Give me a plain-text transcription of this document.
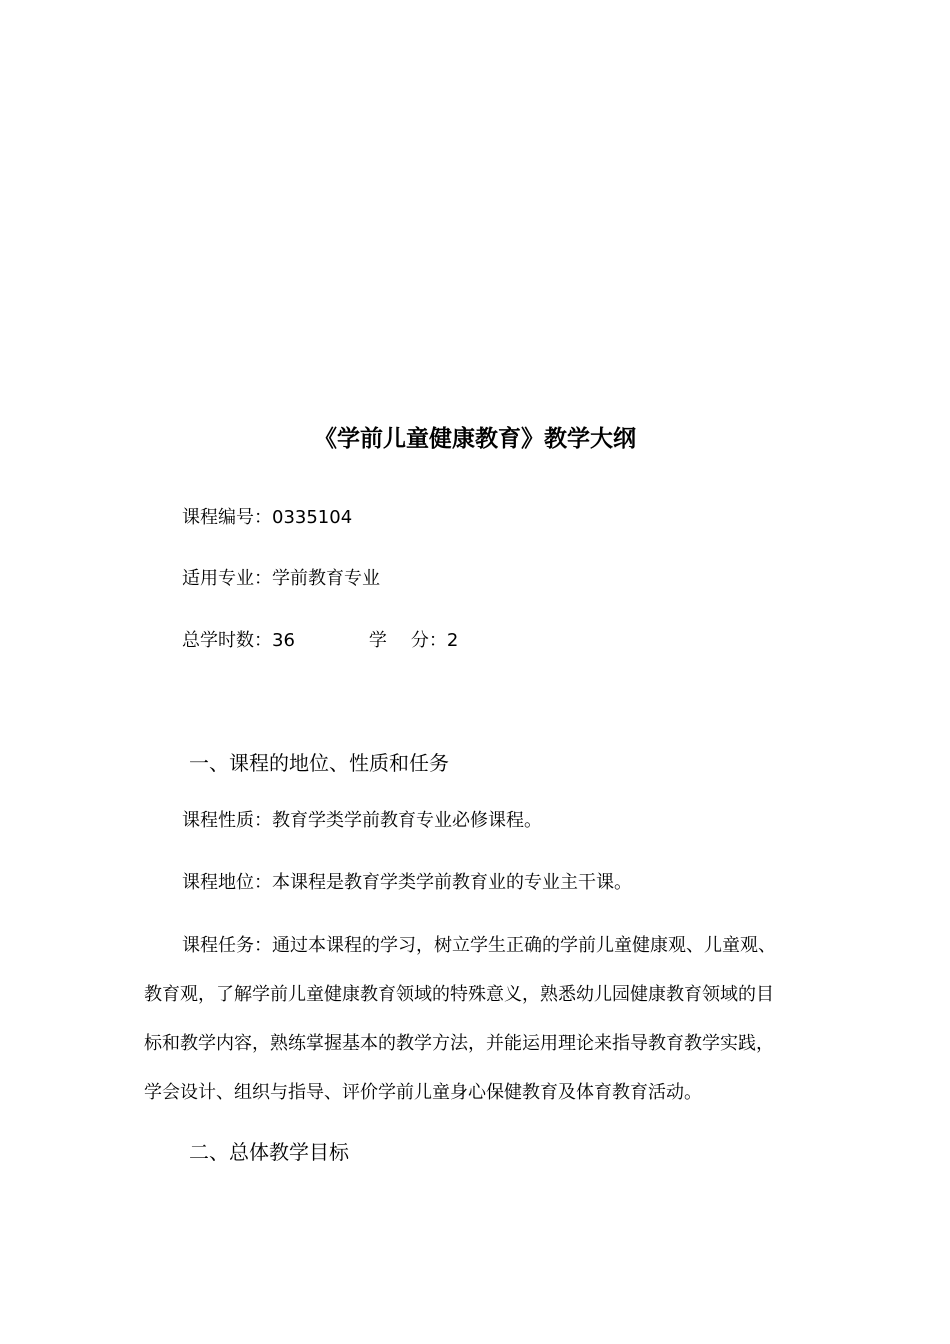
《学前儿童健康教育》教学大纲
课程编号：0335104
适用专业：学前教育专业
总学时数：36	学 分：2
一、课程的地位、性质和任务
课程性质：教育学类学前教育专业必修课程。
课程地位：本课程是教育学类学前教育业的专业主干课。
课程任务：通过本课程的学习，树立学生正确的学前儿童健康观、儿童观、
教育观，了解学前儿童健康教育领域的特殊意义，熟悉幼儿园健康教育领域的目
标和教学内容，熟练掌握基本的教学方法，并能运用理论来指导教育教学实践，
学会设计、组织与指导、评价学前儿童身心保健教育及体育教育活动。
二、总体教学目标
